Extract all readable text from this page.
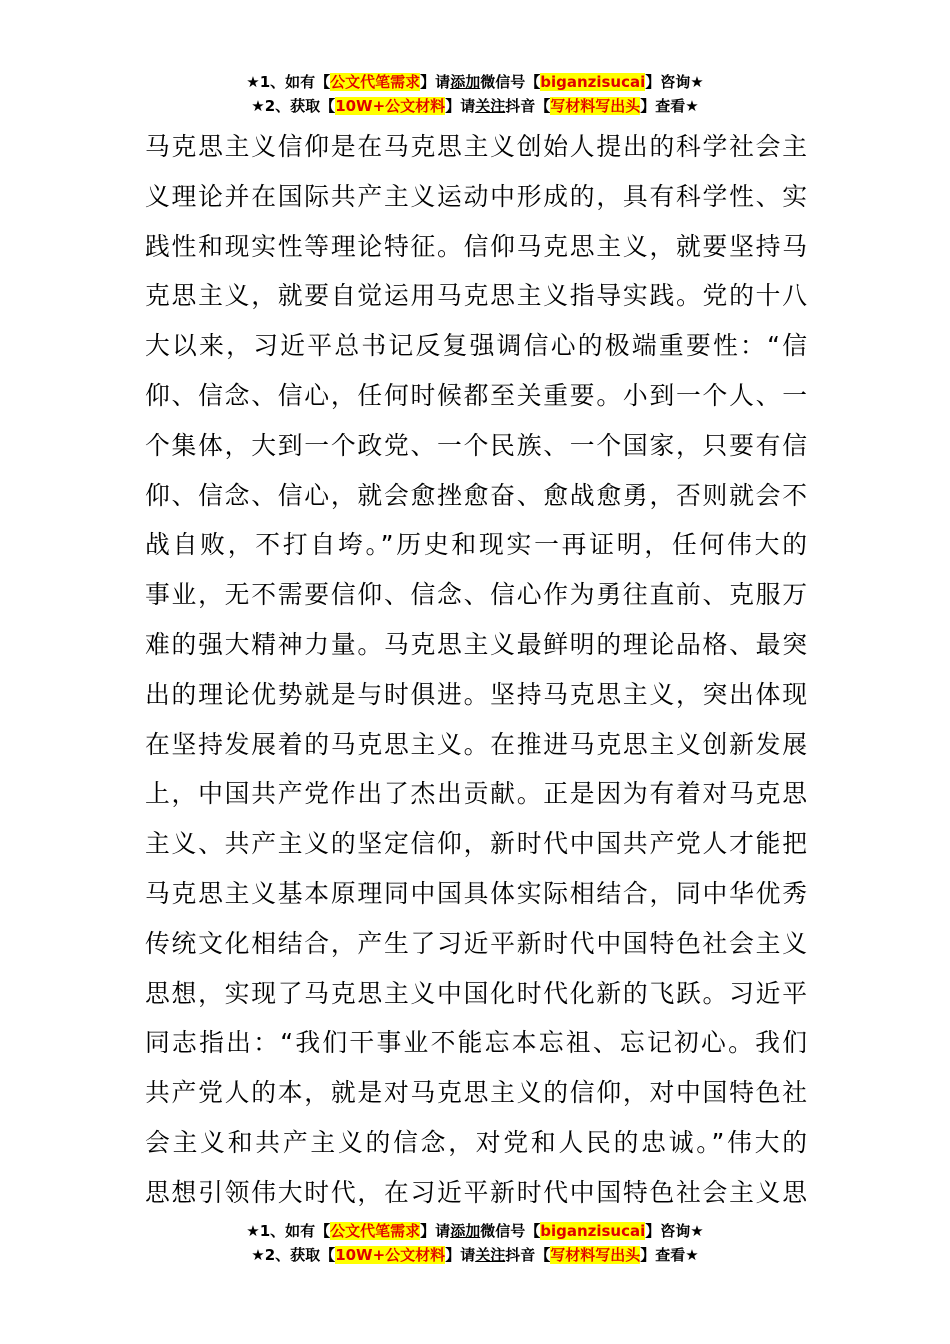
★1、如有【公文代笔需求】请添加微信号【biganzisucai】咨询★
★2、获取【10W+公文材料】请关注抖音【写材料写出头】查看★
马克思主义信仰是在马克思主义创始人提出的科学社会主
义理论并在国际共产主义运动中形成的，具有科学性、实
践性和现实性等理论特征。信仰马克思主义，就要坚持马
克思主义，就要自觉运用马克思主义指导实践。党的十八
大以来，习近平总书记反复强调信心的极端重要性：“信
仰、信念、信心，任何时候都至关重要。小到一个人、一
个集体，大到一个政党、一个民族、一个国家，只要有信
仰、信念、信心，就会愈挫愈奋、愈战愈勇，否则就会不
战自败，不打自垮。”历史和现实一再证明，任何伟大的
事业，无不需要信仰、信念、信心作为勇往直前、克服万
难的强大精神力量。马克思主义最鲜明的理论品格、最突
出的理论优势就是与时俱进。坚持马克思主义，突出体现
在坚持发展着的马克思主义。在推进马克思主义创新发展
上，中国共产党作出了杰出贡献。正是因为有着对马克思
主义、共产主义的坚定信仰，新时代中国共产党人才能把
马克思主义基本原理同中国具体实际相结合，同中华优秀
传统文化相结合，产生了习近平新时代中国特色社会主义
思想，实现了马克思主义中国化时代化新的飞跃。习近平
同志指出：“我们干事业不能忘本忘祖、忘记初心。我们
共产党人的本，就是对马克思主义的信仰，对中国特色社
会主义和共产主义的信念，对党和人民的忠诚。”伟大的
思想引领伟大时代，在习近平新时代中国特色社会主义思
★1、如有【公文代笔需求】请添加微信号【biganzisucai】咨询★
★2、获取【10W+公文材料】请关注抖音【写材料写出头】查看★
